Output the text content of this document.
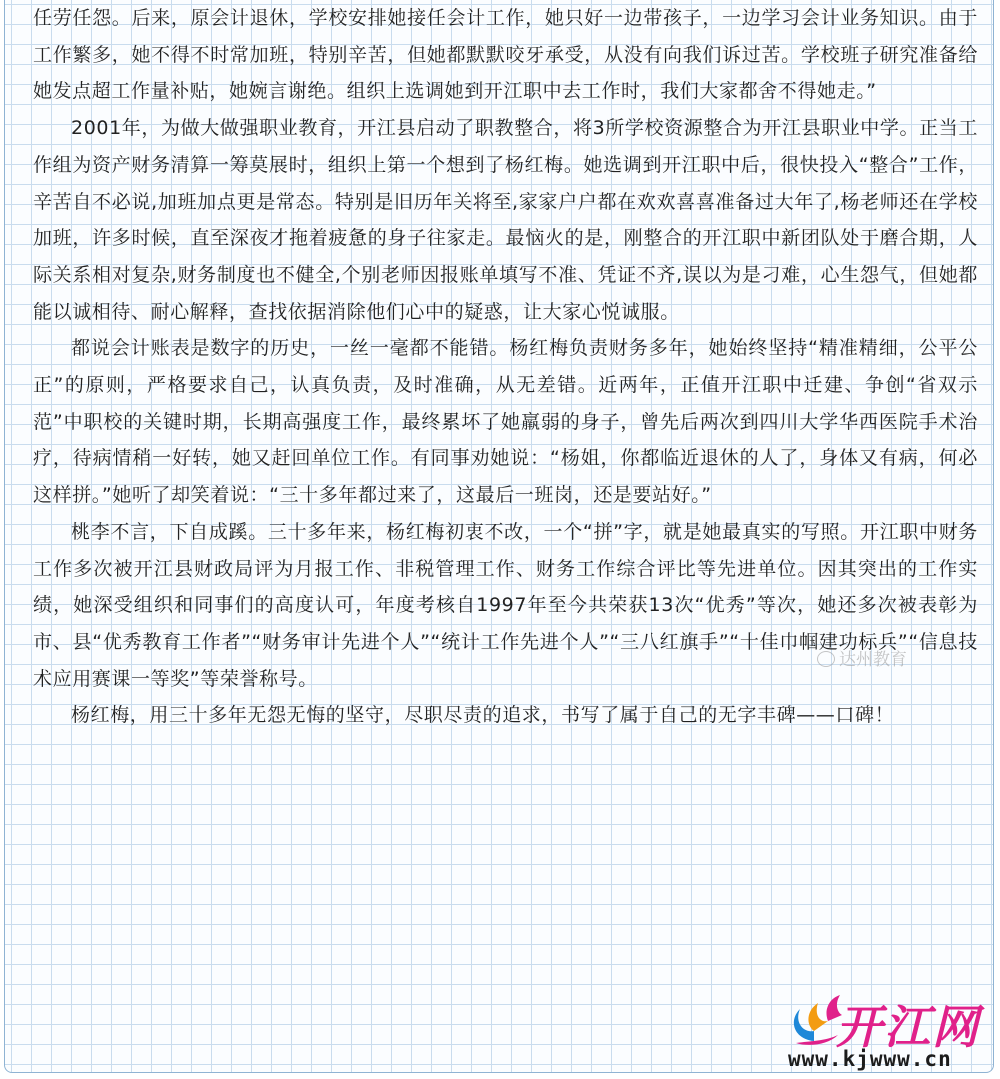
任劳任怨。后来，原会计退休，学校安排她接任会计工作，她只好一边带孩子，一边学习会计业务知识。由于工作繁多，她不得不时常加班，特别辛苦，但她都默默咬牙承受，从没有向我们诉过苦。学校班子研究准备给她发点超工作量补贴，她婉言谢绝。组织上选调她到开江职中去工作时，我们大家都舍不得她走。”

2001年，为做大做强职业教育，开江县启动了职教整合，将3所学校资源整合为开江县职业中学。正当工作组为资产财务清算一筹莫展时，组织上第一个想到了杨红梅。她选调到开江职中后，很快投入“整合”工作，辛苦自不必说,加班加点更是常态。特别是旧历年关将至,家家户户都在欢欢喜喜准备过大年了,杨老师还在学校加班，许多时候，直至深夜才拖着疲惫的身子往家走。最恼火的是，刚整合的开江职中新团队处于磨合期，人际关系相对复杂,财务制度也不健全,个别老师因报账单填写不准、凭证不齐,误以为是刁难，心生怨气，但她都能以诚相待、耐心解释，查找依据消除他们心中的疑惑，让大家心悦诚服。

都说会计账表是数字的历史，一丝一毫都不能错。杨红梅负责财务多年，她始终坚持“精准精细，公平公正”的原则，严格要求自己，认真负责，及时准确，从无差错。近两年，正值开江职中迁建、争创“省双示范”中职校的关键时期，长期高强度工作，最终累坏了她羸弱的身子，曾先后两次到四川大学华西医院手术治疗，待病情稍一好转，她又赶回单位工作。有同事劝她说：“杨姐，你都临近退休的人了，身体又有病，何必这样拼。”她听了却笑着说：“三十多年都过来了，这最后一班岗，还是要站好。”

桃李不言，下自成蹊。三十多年来，杨红梅初衷不改，一个“拼”字，就是她最真实的写照。开江职中财务工作多次被开江县财政局评为月报工作、非税管理工作、财务工作综合评比等先进单位。因其突出的工作实绩，她深受组织和同事们的高度认可，年度考核自1997年至今共荣获13次“优秀”等次，她还多次被表彰为市、县“优秀教育工作者”“财务审计先进个人”“统计工作先进个人”“三八红旗手”“十佳巾帼建功标兵”“信息技术应用赛课一等奖”等荣誉称号。

杨红梅，用三十多年无怨无悔的坚守，尽职尽责的追求，书写了属于自己的无字丰碑——口碑！

达州教育
开江网
www.kjwww.cn
